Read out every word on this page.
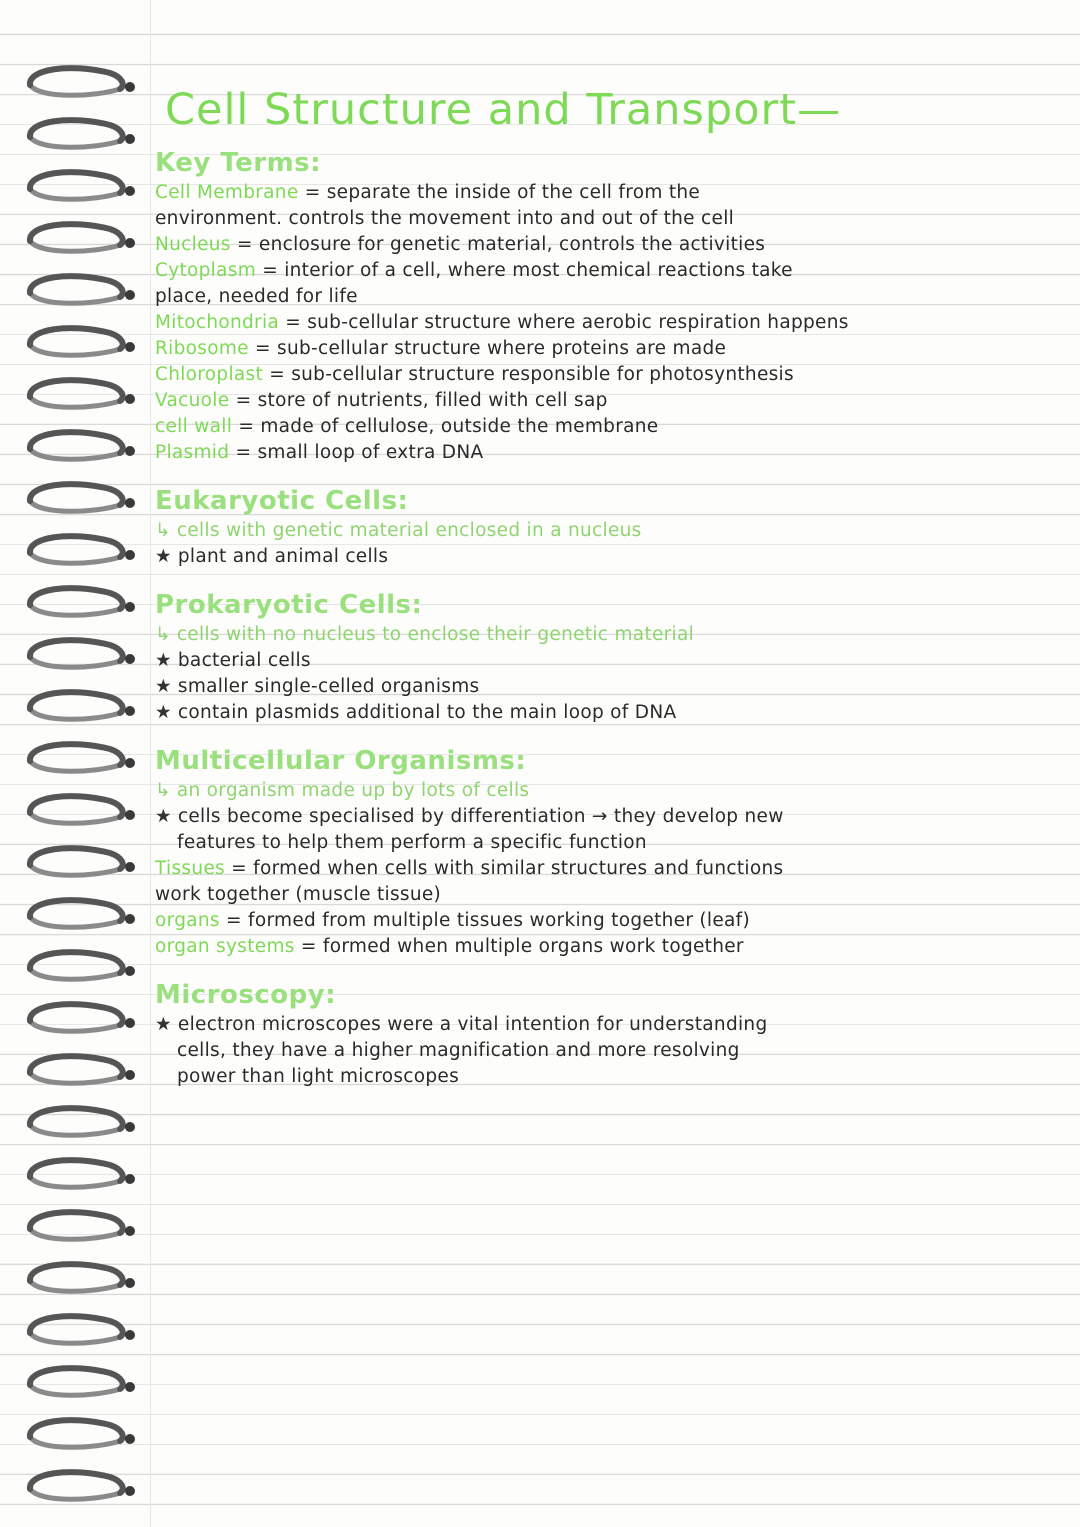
Cell Structure and Transport—
Key Terms:

Cell Membrane = separate the inside of the cell from the

environment. controls the movement into and out of the cell

Nucleus = enclosure for genetic material, controls the activities

Cytoplasm = interior of a cell, where most chemical reactions take

place, needed for life

Mitochondria = sub-cellular structure where aerobic respiration happens

Ribosome = sub-cellular structure where proteins are made

Chloroplast = sub-cellular structure responsible for photosynthesis

Vacuole = store of nutrients, filled with cell sap

cell wall = made of cellulose, outside the membrane

Plasmid = small loop of extra DNA

Eukaryotic Cells:

↳ cells with genetic material enclosed in a nucleus

★ plant and animal cells

Prokaryotic Cells:

↳ cells with no nucleus to enclose their genetic material

★ bacterial cells

★ smaller single-celled organisms

★ contain plasmids additional to the main loop of DNA

Multicellular Organisms:

↳ an organism made up by lots of cells

★ cells become specialised by differentiation → they develop new

features to help them perform a specific function

Tissues = formed when cells with similar structures and functions

work together (muscle tissue)

organs = formed from multiple tissues working together (leaf)

organ systems = formed when multiple organs work together

Microscopy:

★ electron microscopes were a vital intention for understanding

cells, they have a higher magnification and more resolving

power than light microscopes
